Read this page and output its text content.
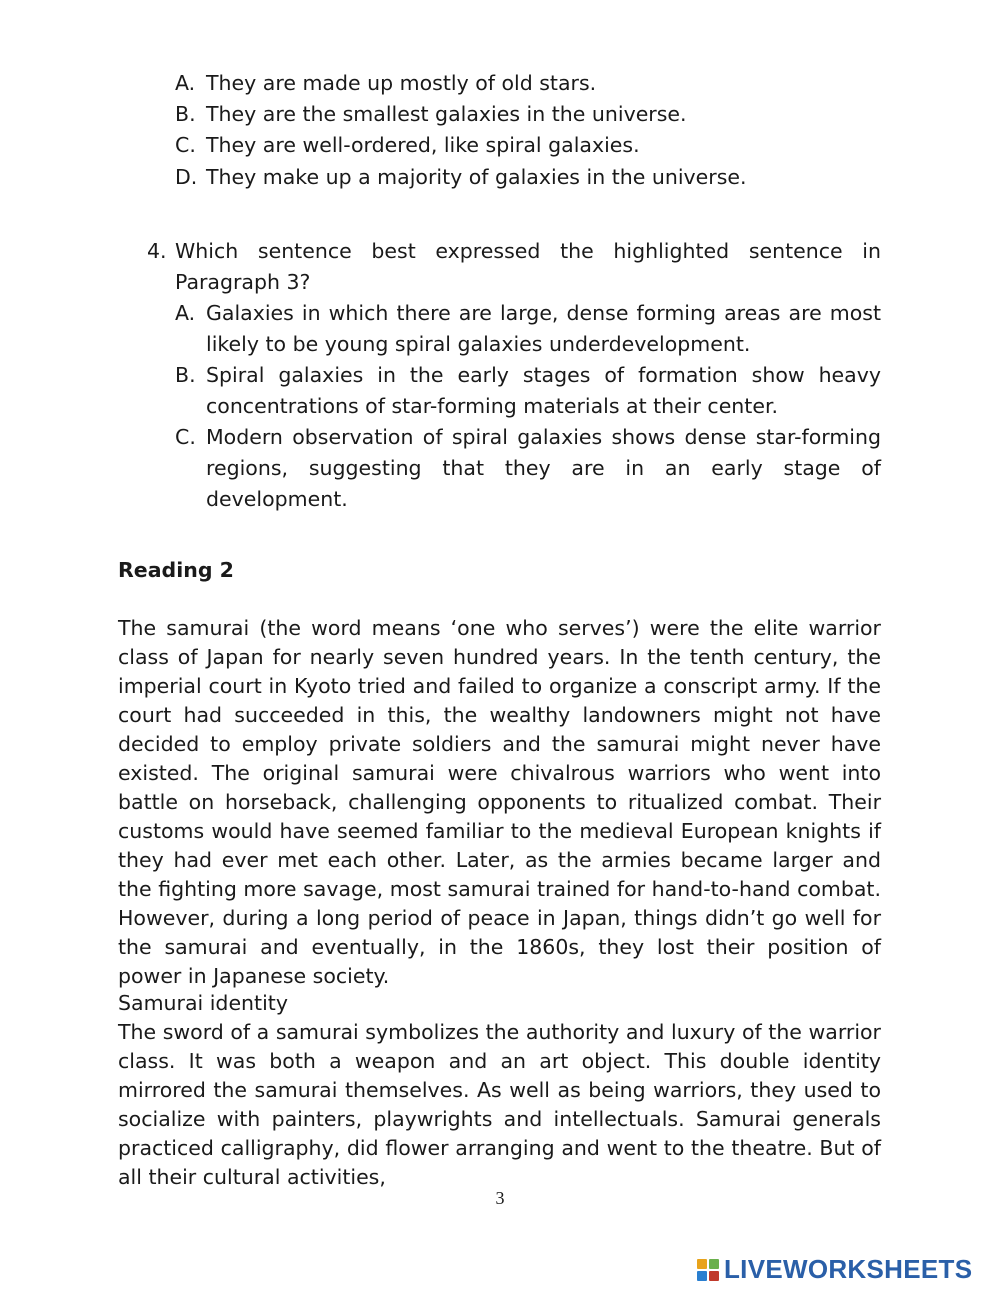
A. They are made up mostly of old stars.
B. They are the smallest galaxies in the universe.
C. They are well-ordered, like spiral galaxies.
D. They make up a majority of galaxies in the universe.
4. Which sentence best expressed the highlighted sentence in Paragraph 3?
A. Galaxies in which there are large, dense forming areas are most likely to be young spiral galaxies underdevelopment.
B. Spiral galaxies in the early stages of formation show heavy concentrations of star-forming materials at their center.
C. Modern observation of spiral galaxies shows dense star-forming regions, suggesting that they are in an early stage of development.
Reading 2
The samurai (the word means ‘one who serves’) were the elite warrior class of Japan for nearly seven hundred years. In the tenth century, the imperial court in Kyoto tried and failed to organize a conscript army. If the court had succeeded in this, the wealthy landowners might not have decided to employ private soldiers and the samurai might never have existed. The original samurai were chivalrous warriors who went into battle on horseback, challenging opponents to ritualized combat. Their customs would have seemed familiar to the medieval European knights if they had ever met each other. Later, as the armies became larger and the fighting more savage, most samurai trained for hand-to-hand combat. However, during a long period of peace in Japan, things didn’t go well for the samurai and eventually, in the 1860s, they lost their position of power in Japanese society.
Samurai identity
The sword of a samurai symbolizes the authority and luxury of the warrior class. It was both a weapon and an art object. This double identity mirrored the samurai themselves. As well as being warriors, they used to socialize with painters, playwrights and intellectuals. Samurai generals practiced calligraphy, did flower arranging and went to the theatre. But of all their cultural activities,
3
LIVEWORKSHEETS
